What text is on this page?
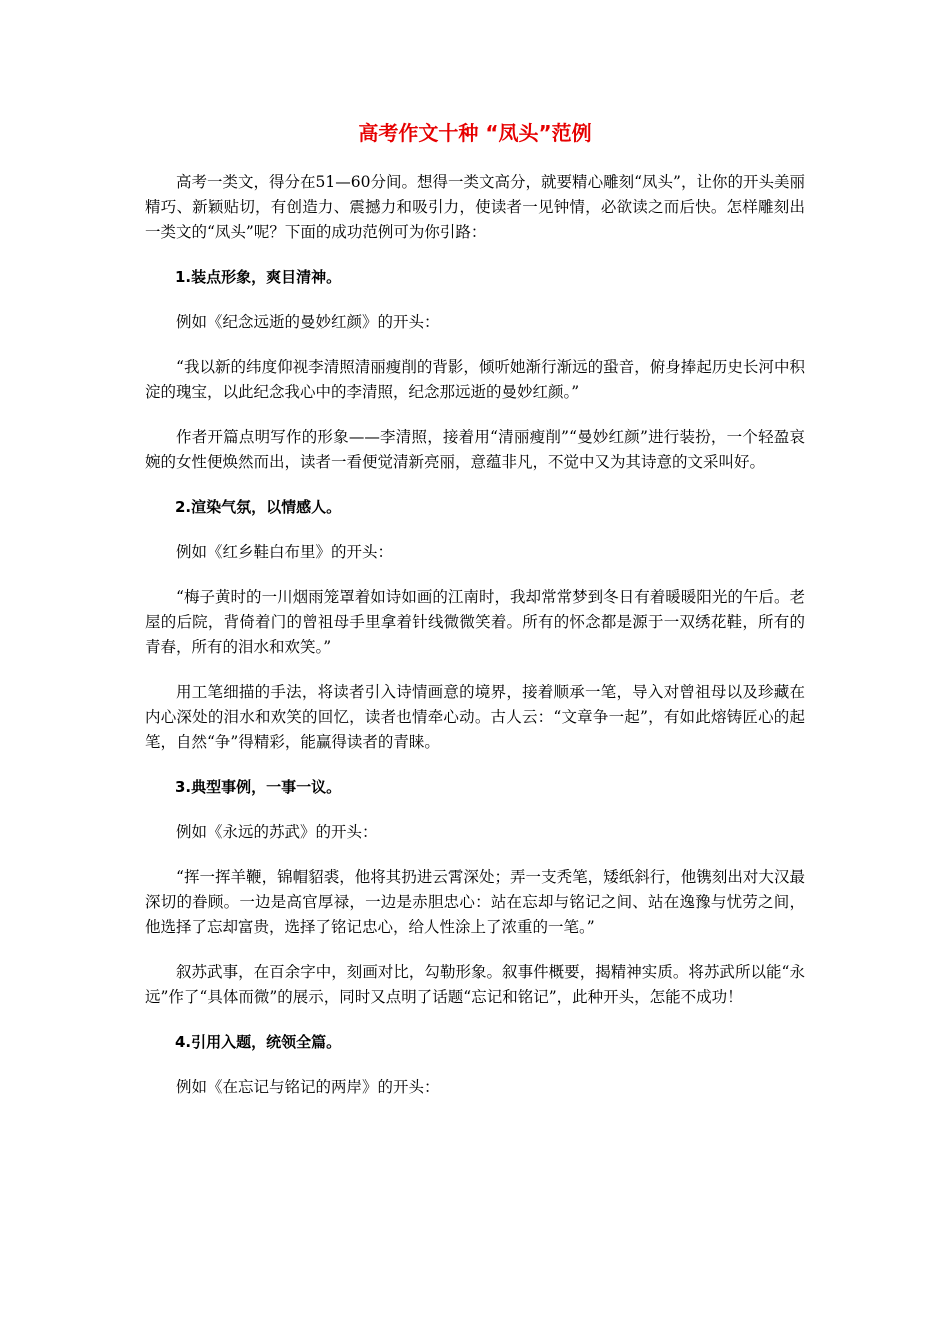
高考作文十种 “凤头”范例

高考一类文，得分在51—60分间。想得一类文高分，就要精心雕刻“凤头”，让你的开头美丽精巧、新颖贴切，有创造力、震撼力和吸引力，使读者一见钟情，必欲读之而后快。怎样雕刻出一类文的“凤头”呢？下面的成功范例可为你引路：

1.装点形象，爽目清神。

例如《纪念远逝的曼妙红颜》的开头：

“我以新的纬度仰视李清照清丽瘦削的背影，倾听她渐行渐远的蛩音，俯身捧起历史长河中积淀的瑰宝，以此纪念我心中的李清照，纪念那远逝的曼妙红颜。”

作者开篇点明写作的形象——李清照，接着用“清丽瘦削”“曼妙红颜”进行装扮，一个轻盈哀婉的女性便焕然而出，读者一看便觉清新亮丽，意蕴非凡，不觉中又为其诗意的文采叫好。

2.渲染气氛，以情感人。

例如《红乡鞋白布里》的开头：

“梅子黄时的一川烟雨笼罩着如诗如画的江南时，我却常常梦到冬日有着暖暖阳光的午后。老屋的后院，背倚着门的曾祖母手里拿着针线微微笑着。所有的怀念都是源于一双绣花鞋，所有的青春，所有的泪水和欢笑。”

用工笔细描的手法，将读者引入诗情画意的境界，接着顺承一笔，导入对曾祖母以及珍藏在内心深处的泪水和欢笑的回忆，读者也情牵心动。古人云：“文章争一起”，有如此熔铸匠心的起笔，自然“争”得精彩，能赢得读者的青睐。

3.典型事例，一事一议。

例如《永远的苏武》的开头：

“挥一挥羊鞭，锦帽貂裘，他将其扔进云霄深处；弄一支秃笔，矮纸斜行，他镌刻出对大汉最深切的眷顾。一边是高官厚禄，一边是赤胆忠心：站在忘却与铭记之间、站在逸豫与忧劳之间，他选择了忘却富贵，选择了铭记忠心，给人性涂上了浓重的一笔。”

叙苏武事，在百余字中，刻画对比，勾勒形象。叙事件概要，揭精神实质。将苏武所以能“永远”作了“具体而微”的展示，同时又点明了话题“忘记和铭记”，此种开头，怎能不成功！

4.引用入题，统领全篇。

例如《在忘记与铭记的两岸》的开头：
